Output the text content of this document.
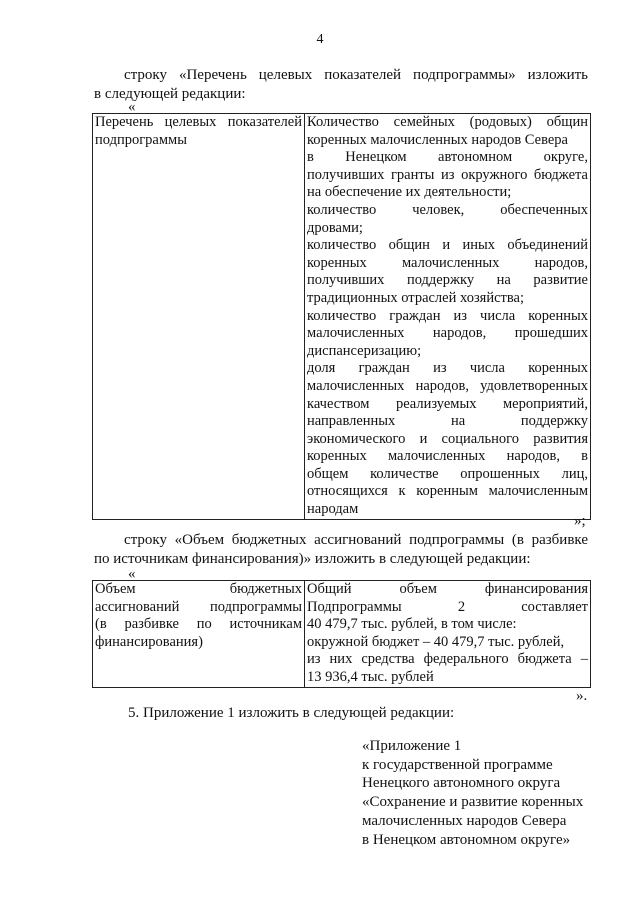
4
строку «Перечень целевых показателей подпрограммы» изложить
в следующей редакции:
«
Перечень целевых показателей
подпрограммы

Количество семейных (родовых) общин
коренных малочисленных народов Севера
в Ненецком автономном округе,
получивших гранты из окружного бюджета
на обеспечение их деятельности;
количество человек, обеспеченных
дровами;
количество общин и иных объединений
коренных малочисленных народов,
получивших поддержку на развитие
традиционных отраслей хозяйства;
количество граждан из числа коренных
малочисленных народов, прошедших
диспансеризацию;
доля граждан из числа коренных
малочисленных народов, удовлетворенных
качеством реализуемых мероприятий,
направленных на поддержку
экономического и социального развития
коренных малочисленных народов, в
общем количестве опрошенных лиц,
относящихся к коренным малочисленным
народам
»;
строку «Объем бюджетных ассигнований подпрограммы (в разбивке
по источникам финансирования)» изложить в следующей редакции:
«
Объем бюджетных
ассигнований подпрограммы
(в разбивке по источникам
финансирования)

Общий объем финансирования
Подпрограммы 2 составляет
40 479,7 тыс. рублей, в том числе:
окружной бюджет – 40 479,7 тыс. рублей,
из них средства федерального бюджета –
13 936,4 тыс. рублей
».
5. Приложение 1 изложить в следующей редакции:
«Приложение 1
к государственной программе
Ненецкого автономного округа
«Сохранение и развитие коренных
малочисленных народов Севера
в Ненецком автономном округе»
